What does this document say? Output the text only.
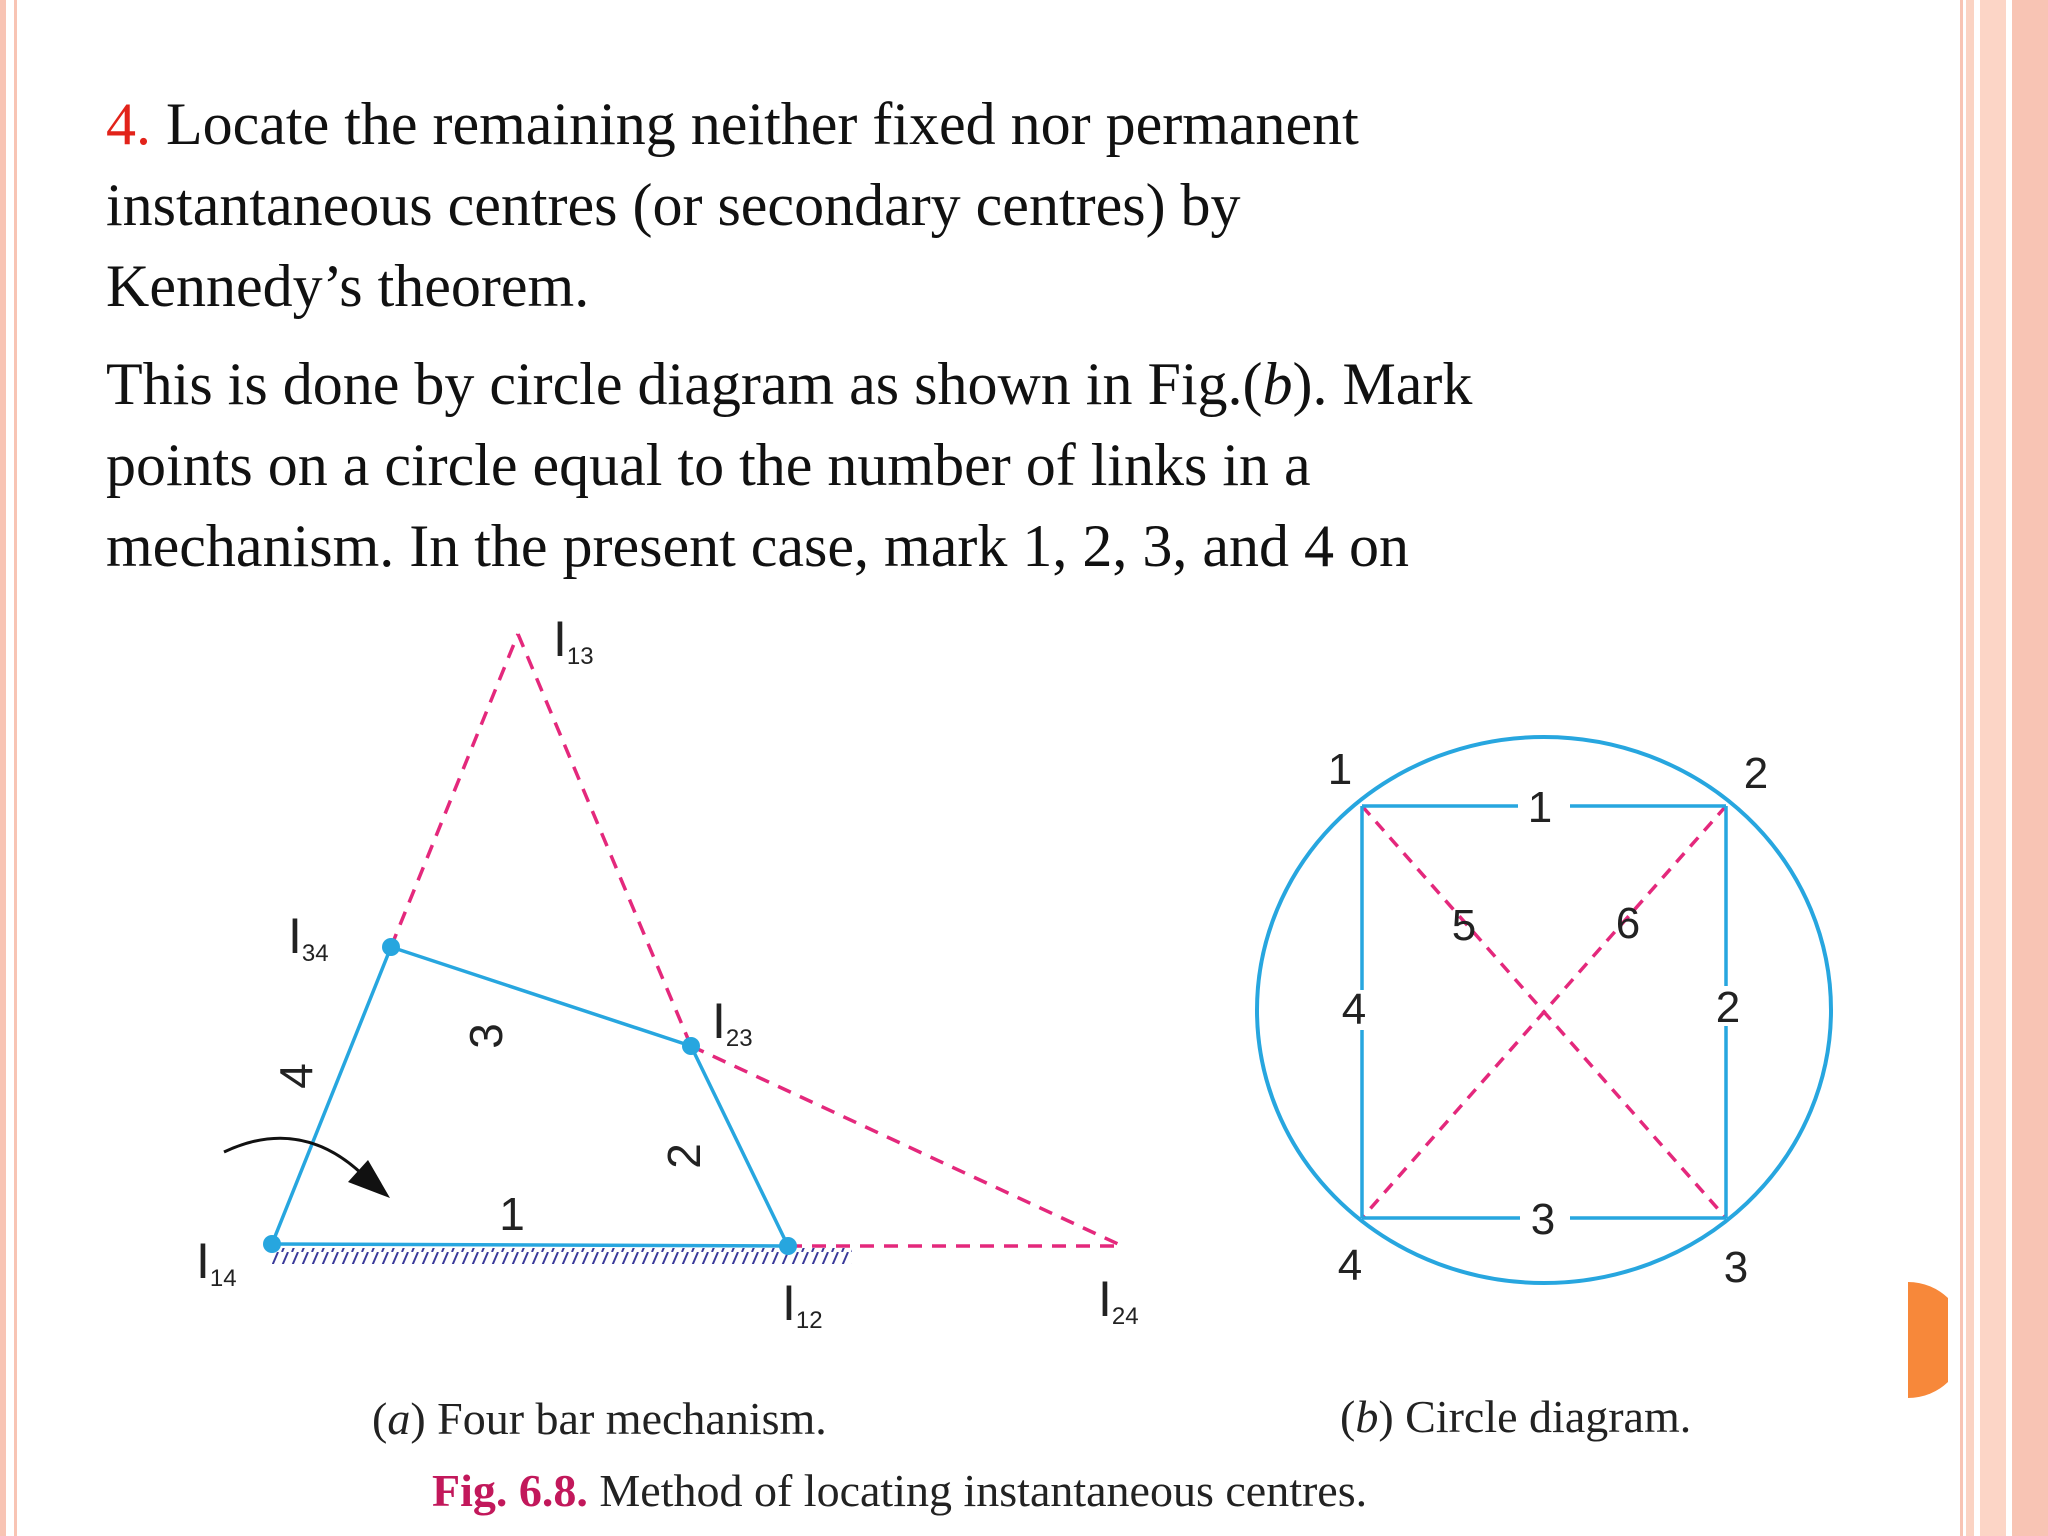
4. Locate the remaining neither fixed nor permanent
instantaneous centres (or secondary centres) by
Kennedy’s theorem.

This is done by circle diagram as shown in Fig.(b). Mark
points on a circle equal to the number of links in a
mechanism. In the present case, mark 1, 2, 3, and 4 on

I13
I34
I23
I14	I12	I24
1
2
3
4
(a) Four bar mechanism.
1	2
3
4
1
2
3
4
5	6
(b) Circle diagram.
Fig. 6.8. Method of locating instantaneous centres.
